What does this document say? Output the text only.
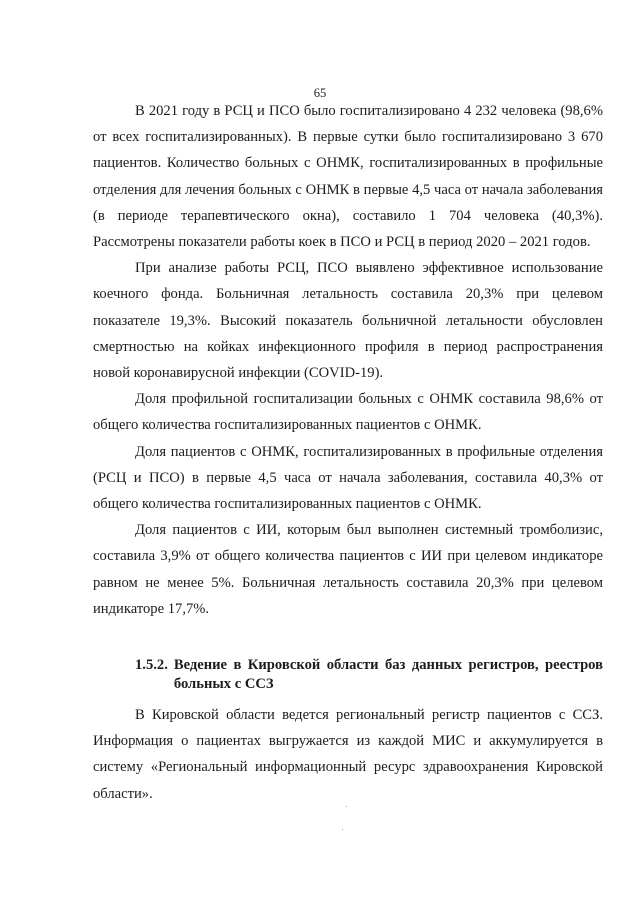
65

В 2021 году в РСЦ и ПСО было госпитализировано 4 232 человека (98,6% от всех госпитализированных). В первые сутки было госпитализировано 3 670 пациентов. Количество больных с ОНМК, госпитализированных в профильные отделения для лечения больных с ОНМК в первые 4,5 часа от начала заболевания (в периоде терапевтического окна), составило 1 704 человека (40,3%). Рассмотрены показатели работы коек в ПСО и РСЦ в период 2020 – 2021 годов.

При анализе работы РСЦ, ПСО выявлено эффективное использование коечного фонда. Больничная летальность составила 20,3% при целевом показателе 19,3%. Высокий показатель больничной летальности обусловлен смертностью на койках инфекционного профиля в период распространения новой коронавирусной инфекции (COVID-19).

Доля профильной госпитализации больных с ОНМК составила 98,6% от общего количества госпитализированных пациентов с ОНМК.

Доля пациентов с ОНМК, госпитализированных в профильные отделения (РСЦ и ПСО) в первые 4,5 часа от начала заболевания, составила 40,3% от общего количества госпитализированных пациентов с ОНМК.

Доля пациентов с ИИ, которым был выполнен системный тромболизис, составила 3,9% от общего количества пациентов с ИИ при целевом индикаторе равном не менее 5%. Больничная летальность составила 20,3% при целевом индикаторе 17,7%.

1.5.2. Ведение в Кировской области баз данных регистров, реестров больных с ССЗ

В Кировской области ведется региональный регистр пациентов с ССЗ. Информация о пациентах выгружается из каждой МИС и аккумулируется в систему «Региональный информационный ресурс здравоохранения Кировской области».
